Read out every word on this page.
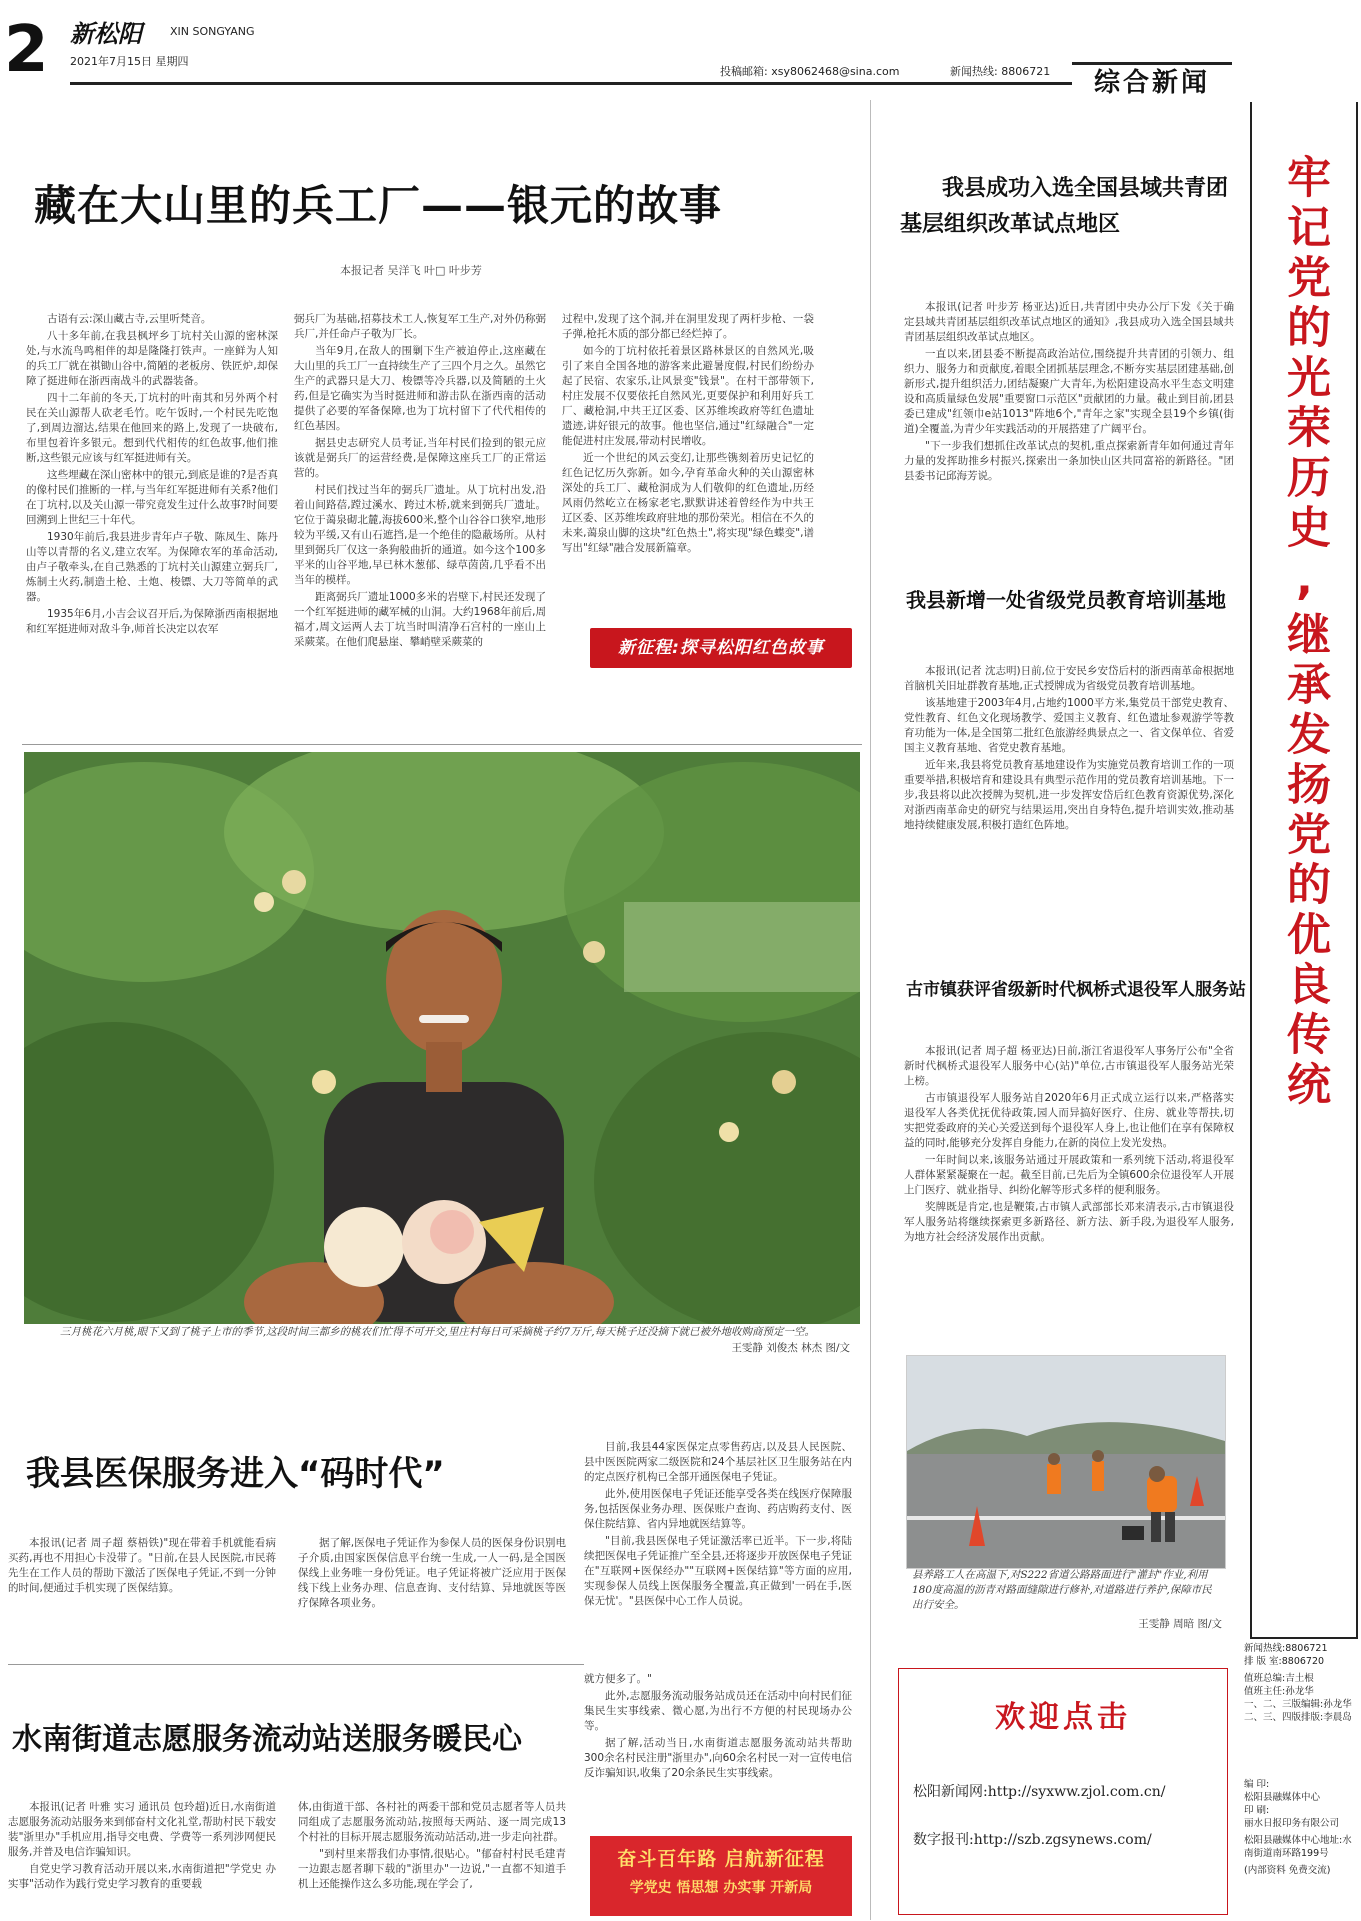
2 新松阳	XIN SONGYANG
2021年7月15日 星期四
投稿邮箱: xsy8062468@sina.com	新闻热线: 8806721	综合新闻
藏在大山里的兵工厂——银元的故事
本报记者 吴洋飞 叶□ 叶步芳

古语有云:深山藏古寺,云里听梵音。

八十多年前,在我县枫坪乡丁坑村关山源的密林深处,与水流鸟鸣相伴的却是隆隆打铁声。一座鲜为人知的兵工厂就在祺锄山谷中,简陋的老板房、铁匠炉,却保障了挺进师在浙西南战斗的武器装备。

四十二年前的冬天,丁坑村的叶南其和另外两个村民在关山源帮人砍老毛竹。吃午饭时,一个村民先吃饱了,到周边溜达,结果在他回来的路上,发现了一块破布,布里包着许多银元。想到代代相传的红色故事,他们推断,这些银元应该与红军挺进师有关。

这些埋藏在深山密林中的银元,到底是谁的?是否真的像村民们推断的一样,与当年红军挺进师有关系?他们在丁坑村,以及关山源一带究竟发生过什么故事?时间要回溯到上世纪三十年代。

1930年前后,我县进步青年卢子敬、陈凤生、陈丹山等以青帮的名义,建立农军。为保障农军的革命活动,由卢子敬牵头,在自己熟悉的丁坑村关山源建立弼兵厂,炼制土火药,制造土枪、土炮、梭镖、大刀等简单的武器。

1935年6月,小吉会议召开后,为保障浙西南根据地和红军挺进师对敌斗争,师首长决定以农军

弼兵厂为基础,招募技术工人,恢复军工生产,对外仍称弼兵厂,并任命卢子敬为厂长。

当年9月,在敌人的围剿下生产被迫停止,这座藏在大山里的兵工厂一直持续生产了三四个月之久。虽然它生产的武器只是大刀、梭镖等冷兵器,以及简陋的土火药,但是它确实为当时挺进师和游击队在浙西南的活动提供了必要的军备保障,也为丁坑村留下了代代相传的红色基因。

据县史志研究人员考证,当年村民们捡到的银元应该就是弼兵厂的运营经费,是保障这座兵工厂的正常运营的。

村民们找过当年的弼兵厂遗址。从丁坑村出发,沿着山间路蓓,蹚过溪水、跨过木桥,就来到弼兵厂遗址。它位于蔼泉砌北麓,海拔600米,整个山谷谷口狭窄,地形较为平缓,又有山石遮挡,是一个绝佳的隐蔽场所。从村里到弼兵厂仅这一条狗般曲折的通道。如今这个100多平米的山谷平地,早已林木葱郁、绿草茵茵,几乎看不出当年的模样。

距离弼兵厂遗址1000多米的岩壁下,村民还发现了一个红军挺进师的藏军械的山洞。大约1968年前后,周福才,周文运两人去丁坑当时叫清净石宫村的一座山上采蕨菜。在他们爬悬崖、攀峭壁采蕨菜的

过程中,发现了这个洞,并在洞里发现了两杆步枪、一袋子弹,枪托木质的部分都已经烂掉了。

如今的丁坑村依托着景区路林景区的自然风光,吸引了来自全国各地的游客来此避暑度假,村民们纷纷办起了民宿、农家乐,让风景变"钱景"。在村干部带领下,村庄发展不仅要依托自然风光,更要保护和利用好兵工厂、藏枪洞,中共王辽区委、区苏维埃政府等红色遗址遗迹,讲好银元的故事。他也坚信,通过"红绿融合"一定能促进村庄发展,带动村民增收。

近一个世纪的风云变幻,让那些镌刻着历史记忆的红色记忆历久弥新。如今,孕育革命火种的关山源密林深处的兵工厂、藏枪洞成为人们敬仰的红色遗址,历经风雨仍然屹立在杨家老宅,默默讲述着曾经作为中共王辽区委、区苏维埃政府驻地的那份荣光。相信在不久的未来,蔼泉山脚的这块"红色热土",将实现"绿色蝶变",谱写出"红绿"融合发展新篇章。

新征程:探寻松阳红色故事
三月桃花六月桃,眼下又到了桃子上市的季节,这段时间三都乡的桃农们忙得不可开交,里庄村每日可采摘桃子约7万斤,每天桃子还没摘下就已被外地收购商预定一空。
王雯静 刘俊杰 林杰 图/文
我县医保服务进入“码时代”

本报讯(记者 周子超 蔡梧铁)"现在带着手机就能看病买药,再也不用担心卡没带了。"日前,在县人民医院,市民蒋先生在工作人员的帮助下激活了医保电子凭证,不到一分钟的时间,便通过手机实现了医保结算。

据了解,医保电子凭证作为参保人员的医保身份识别电子介质,由国家医保信息平台统一生成,一人一码,是全国医保线上业务唯一身份凭证。电子凭证将被广泛应用于医保线下线上业务办理、信息查询、支付结算、异地就医等医疗保障各项业务。

目前,我县44家医保定点零售药店,以及县人民医院、县中医医院两家二级医院和24个基层社区卫生服务站在内的定点医疗机构已全部开通医保电子凭证。

此外,使用医保电子凭证还能享受各类在线医疗保障服务,包括医保业务办理、医保账户查询、药店购药支付、医保住院结算、省内异地就医结算等。

"目前,我县医保电子凭证激活率已近半。下一步,将陆续把医保电子凭证推广至全县,还将逐步开放医保电子凭证在"互联网+医保经办""互联网+医保结算"等方面的应用,实现参保人员线上医保服务全覆盖,真正做到'一码在手,医保无忧'。"县医保中心工作人员说。

水南街道志愿服务流动站送服务暖民心

本报讯(记者 叶雅 实习 通讯员 包玲超)近日,水南街道志愿服务流动站服务来到郁奋村文化礼堂,帮助村民下载安装"浙里办"手机应用,指导交电费、学费等一系列涉网便民服务,并普及电信诈骗知识。

自党史学习教育活动开展以来,水南街道把"学党史 办实事"活动作为践行党史学习教育的重要载

体,由街道干部、各村社的两委干部和党员志愿者等人员共同组成了志愿服务流动站,按照每天两站、逐一周完成13个村社的目标开展志愿服务流动站活动,进一步走向社群。

"到村里来帮我们办事情,很贴心。"郁奋村村民毛建青一边跟志愿者聊下载的"浙里办"一边说,"一直都不知道手机上还能操作这么多功能,现在学会了,

就方便多了。"

此外,志愿服务流动服务站成员还在活动中向村民们征集民生实事线索、微心愿,为出行不方便的村民现场办公等。

据了解,活动当日,水南街道志愿服务流动站共帮助300余名村民注册"浙里办",向60余名村民一对一宣传电信反诈骗知识,收集了20余条民生实事线索。

奋斗百年路 启航新征程
学党史 悟思想 办实事 开新局
我县成功入选全国县域共青团
基层组织改革试点地区

本报讯(记者 叶步芳 杨亚达)近日,共青团中央办公厅下发《关于确定县域共青团基层组织改革试点地区的通知》,我县成功入选全国县域共青团基层组织改革试点地区。

一直以来,团县委不断提高政治站位,围绕提升共青团的引领力、组织力、服务力和贡献度,着眼全团抓基层理念,不断夯实基层团建基础,创新形式,提升组织活力,团结凝聚广大青年,为松阳建设高水平生态文明建设和高质量绿色发展"重要窗口示范区"贡献团的力量。截止到目前,团县委已建成"红领巾e站1013"阵地6个,"青年之家"实现全县19个乡镇(街道)全覆盖,为青少年实践活动的开展搭建了广阔平台。

"下一步我们想抓住改革试点的契机,重点探索新青年如何通过青年力量的发挥助推乡村振兴,探索出一条加快山区共同富裕的新路径。"团县委书记邱海芳说。

我县新增一处省级党员教育培训基地

本报讯(记者 沈志明)日前,位于安民乡安岱后村的浙西南革命根据地首脑机关旧址群教育基地,正式授牌成为省级党员教育培训基地。

该基地建于2003年4月,占地约1000平方米,集党员干部党史教育、党性教育、红色文化现场教学、爱国主义教育、红色遗址参观游学等教育功能为一体,是全国第二批红色旅游经典景点之一、省文保单位、省爱国主义教育基地、省党史教育基地。

近年来,我县将党员教育基地建设作为实施党员教育培训工作的一项重要举措,积极培育和建设具有典型示范作用的党员教育培训基地。下一步,我县将以此次授牌为契机,进一步发挥安岱后红色教育资源优势,深化对浙西南革命史的研究与结果运用,突出自身特色,提升培训实效,推动基地持续健康发展,积极打造红色阵地。

古市镇获评省级新时代枫桥式退役军人服务站

本报讯(记者 周子超 杨亚达)日前,浙江省退役军人事务厅公布"全省新时代枫桥式退役军人服务中心(站)"单位,古市镇退役军人服务站光荣上榜。

古市镇退役军人服务站自2020年6月正式成立运行以来,严格落实退役军人各类优抚优待政策,园人而异搞好医疗、住房、就业等帮扶,切实把党委政府的关心关爱送到每个退役军人身上,也让他们在享有保障权益的同时,能够充分发挥自身能力,在新的岗位上发光发热。

一年时间以来,该服务站通过开展政策和一系列统下活动,将退役军人群体紧紧凝聚在一起。截至目前,已先后为全镇600余位退役军人开展上门医疗、就业指导、纠纷化解等形式多样的便利服务。

奖牌既是肯定,也是鞭策,古市镇人武部部长邓来清表示,古市镇退役军人服务站将继续探索更多新路径、新方法、新手段,为退役军人服务,为地方社会经济发展作出贡献。

县养路工人在高温下,对S222省道公路路面进行"灌封"作业,利用180度高温的沥青对路面缝隙进行修补,对道路进行养护,保障市民出行安全。
王雯静 周暗 图/文
牢记党的光荣历史,继承发扬党的优良传统
新闻热线:8806721
排 版 室:8806720
值班总编:吉土根
值班主任:孙龙华
一、二、三版编辑:孙龙华
二、三、四版排版:李晨岛
编 印:
松阳县融媒体中心
印 刷:
丽水日报印务有限公司
松阳县融媒体中心地址:水南街道南环路199号
(内部资料 免费交流)
欢迎点击
松阳新闻网:http://syxww.zjol.com.cn/
数字报刊:http://szb.zgsynews.com/
